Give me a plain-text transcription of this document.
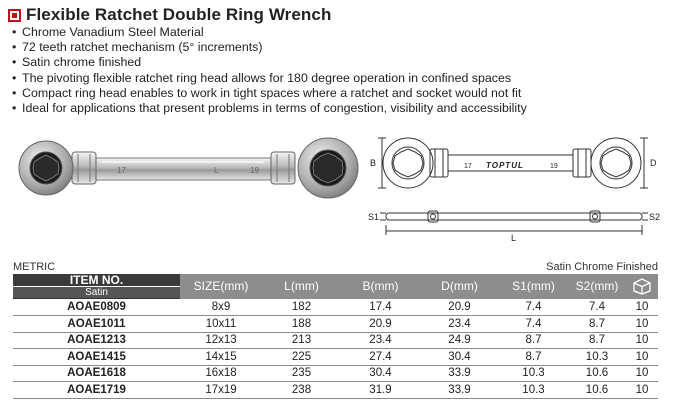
Flexible Ratchet Double Ring Wrench
• Chrome Vanadium Steel Material
• 72 teeth ratchet mechanism (5° increments)
• Satin chrome finished
• The pivoting flexible ratchet ring head allows for 180 degree operation in confined spaces
• Compact ring head enables to work in tight spaces where a ratchet and socket would not fit
• Ideal for applications that present problems in terms of congestion, visibility and accessibility
17	L	19
B	D
17 TOPTUL	19
S1	S2
L
METRIC	Satin Chrome Finished
ITEM NO.
Satin	SIZE(mm)	L(mm)	B(mm)	D(mm)	S1(mm)	S2(mm)	
AOAE0809	8x9	182	17.4	20.9	7.4	7.4	10
AOAE1011	10x11	188	20.9	23.4	7.4	8.7	10
AOAE1213	12x13	213	23.4	24.9	8.7	8.7	10
AOAE1415	14x15	225	27.4	30.4	8.7	10.3	10
AOAE1618	16x18	235	30.4	33.9	10.3	10.6	10
AOAE1719	17x19	238	31.9	33.9	10.3	10.6	10
